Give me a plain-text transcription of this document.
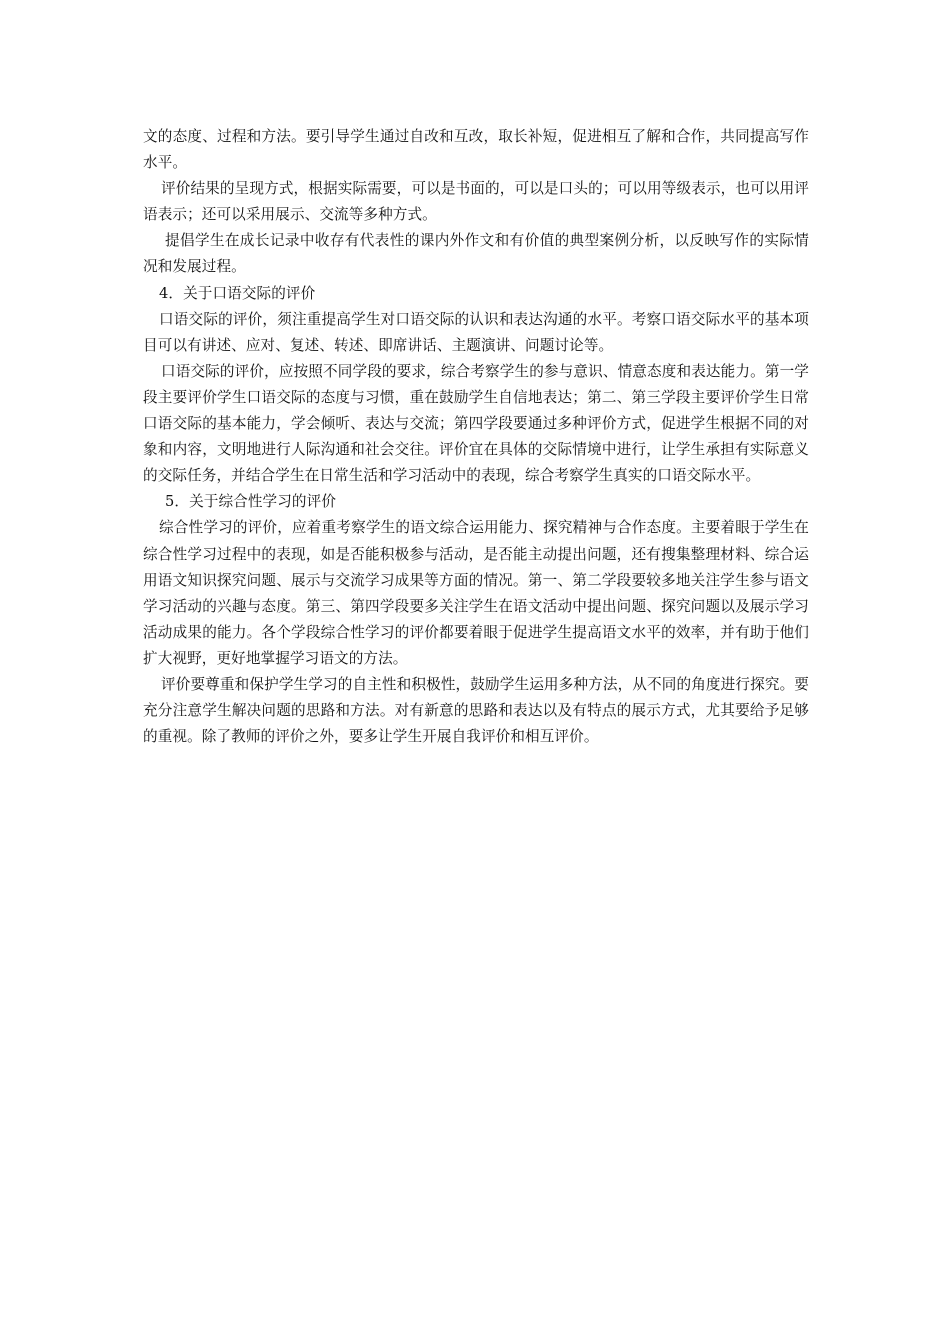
文的态度、过程和方法。要引导学生通过自改和互改，取长补短，促进相互了解和合作，共同提高写作水平。

评价结果的呈现方式，根据实际需要，可以是书面的，可以是口头的；可以用等级表示，也可以用评语表示；还可以采用展示、交流等多种方式。

提倡学生在成长记录中收存有代表性的课内外作文和有价值的典型案例分析，以反映写作的实际情况和发展过程。

4．关于口语交际的评价

口语交际的评价，须注重提高学生对口语交际的认识和表达沟通的水平。考察口语交际水平的基本项目可以有讲述、应对、复述、转述、即席讲话、主题演讲、问题讨论等。

口语交际的评价，应按照不同学段的要求，综合考察学生的参与意识、情意态度和表达能力。第一学段主要评价学生口语交际的态度与习惯，重在鼓励学生自信地表达；第二、第三学段主要评价学生日常口语交际的基本能力，学会倾听、表达与交流；第四学段要通过多种评价方式，促进学生根据不同的对象和内容，文明地进行人际沟通和社会交往。评价宜在具体的交际情境中进行，让学生承担有实际意义的交际任务，并结合学生在日常生活和学习活动中的表现，综合考察学生真实的口语交际水平。

5．关于综合性学习的评价

综合性学习的评价，应着重考察学生的语文综合运用能力、探究精神与合作态度。主要着眼于学生在综合性学习过程中的表现，如是否能积极参与活动，是否能主动提出问题，还有搜集整理材料、综合运用语文知识探究问题、展示与交流学习成果等方面的情况。第一、第二学段要较多地关注学生参与语文学习活动的兴趣与态度。第三、第四学段要多关注学生在语文活动中提出问题、探究问题以及展示学习活动成果的能力。各个学段综合性学习的评价都要着眼于促进学生提高语文水平的效率，并有助于他们扩大视野，更好地掌握学习语文的方法。

评价要尊重和保护学生学习的自主性和积极性，鼓励学生运用多种方法，从不同的角度进行探究。要充分注意学生解决问题的思路和方法。对有新意的思路和表达以及有特点的展示方式，尤其要给予足够的重视。除了教师的评价之外，要多让学生开展自我评价和相互评价。
